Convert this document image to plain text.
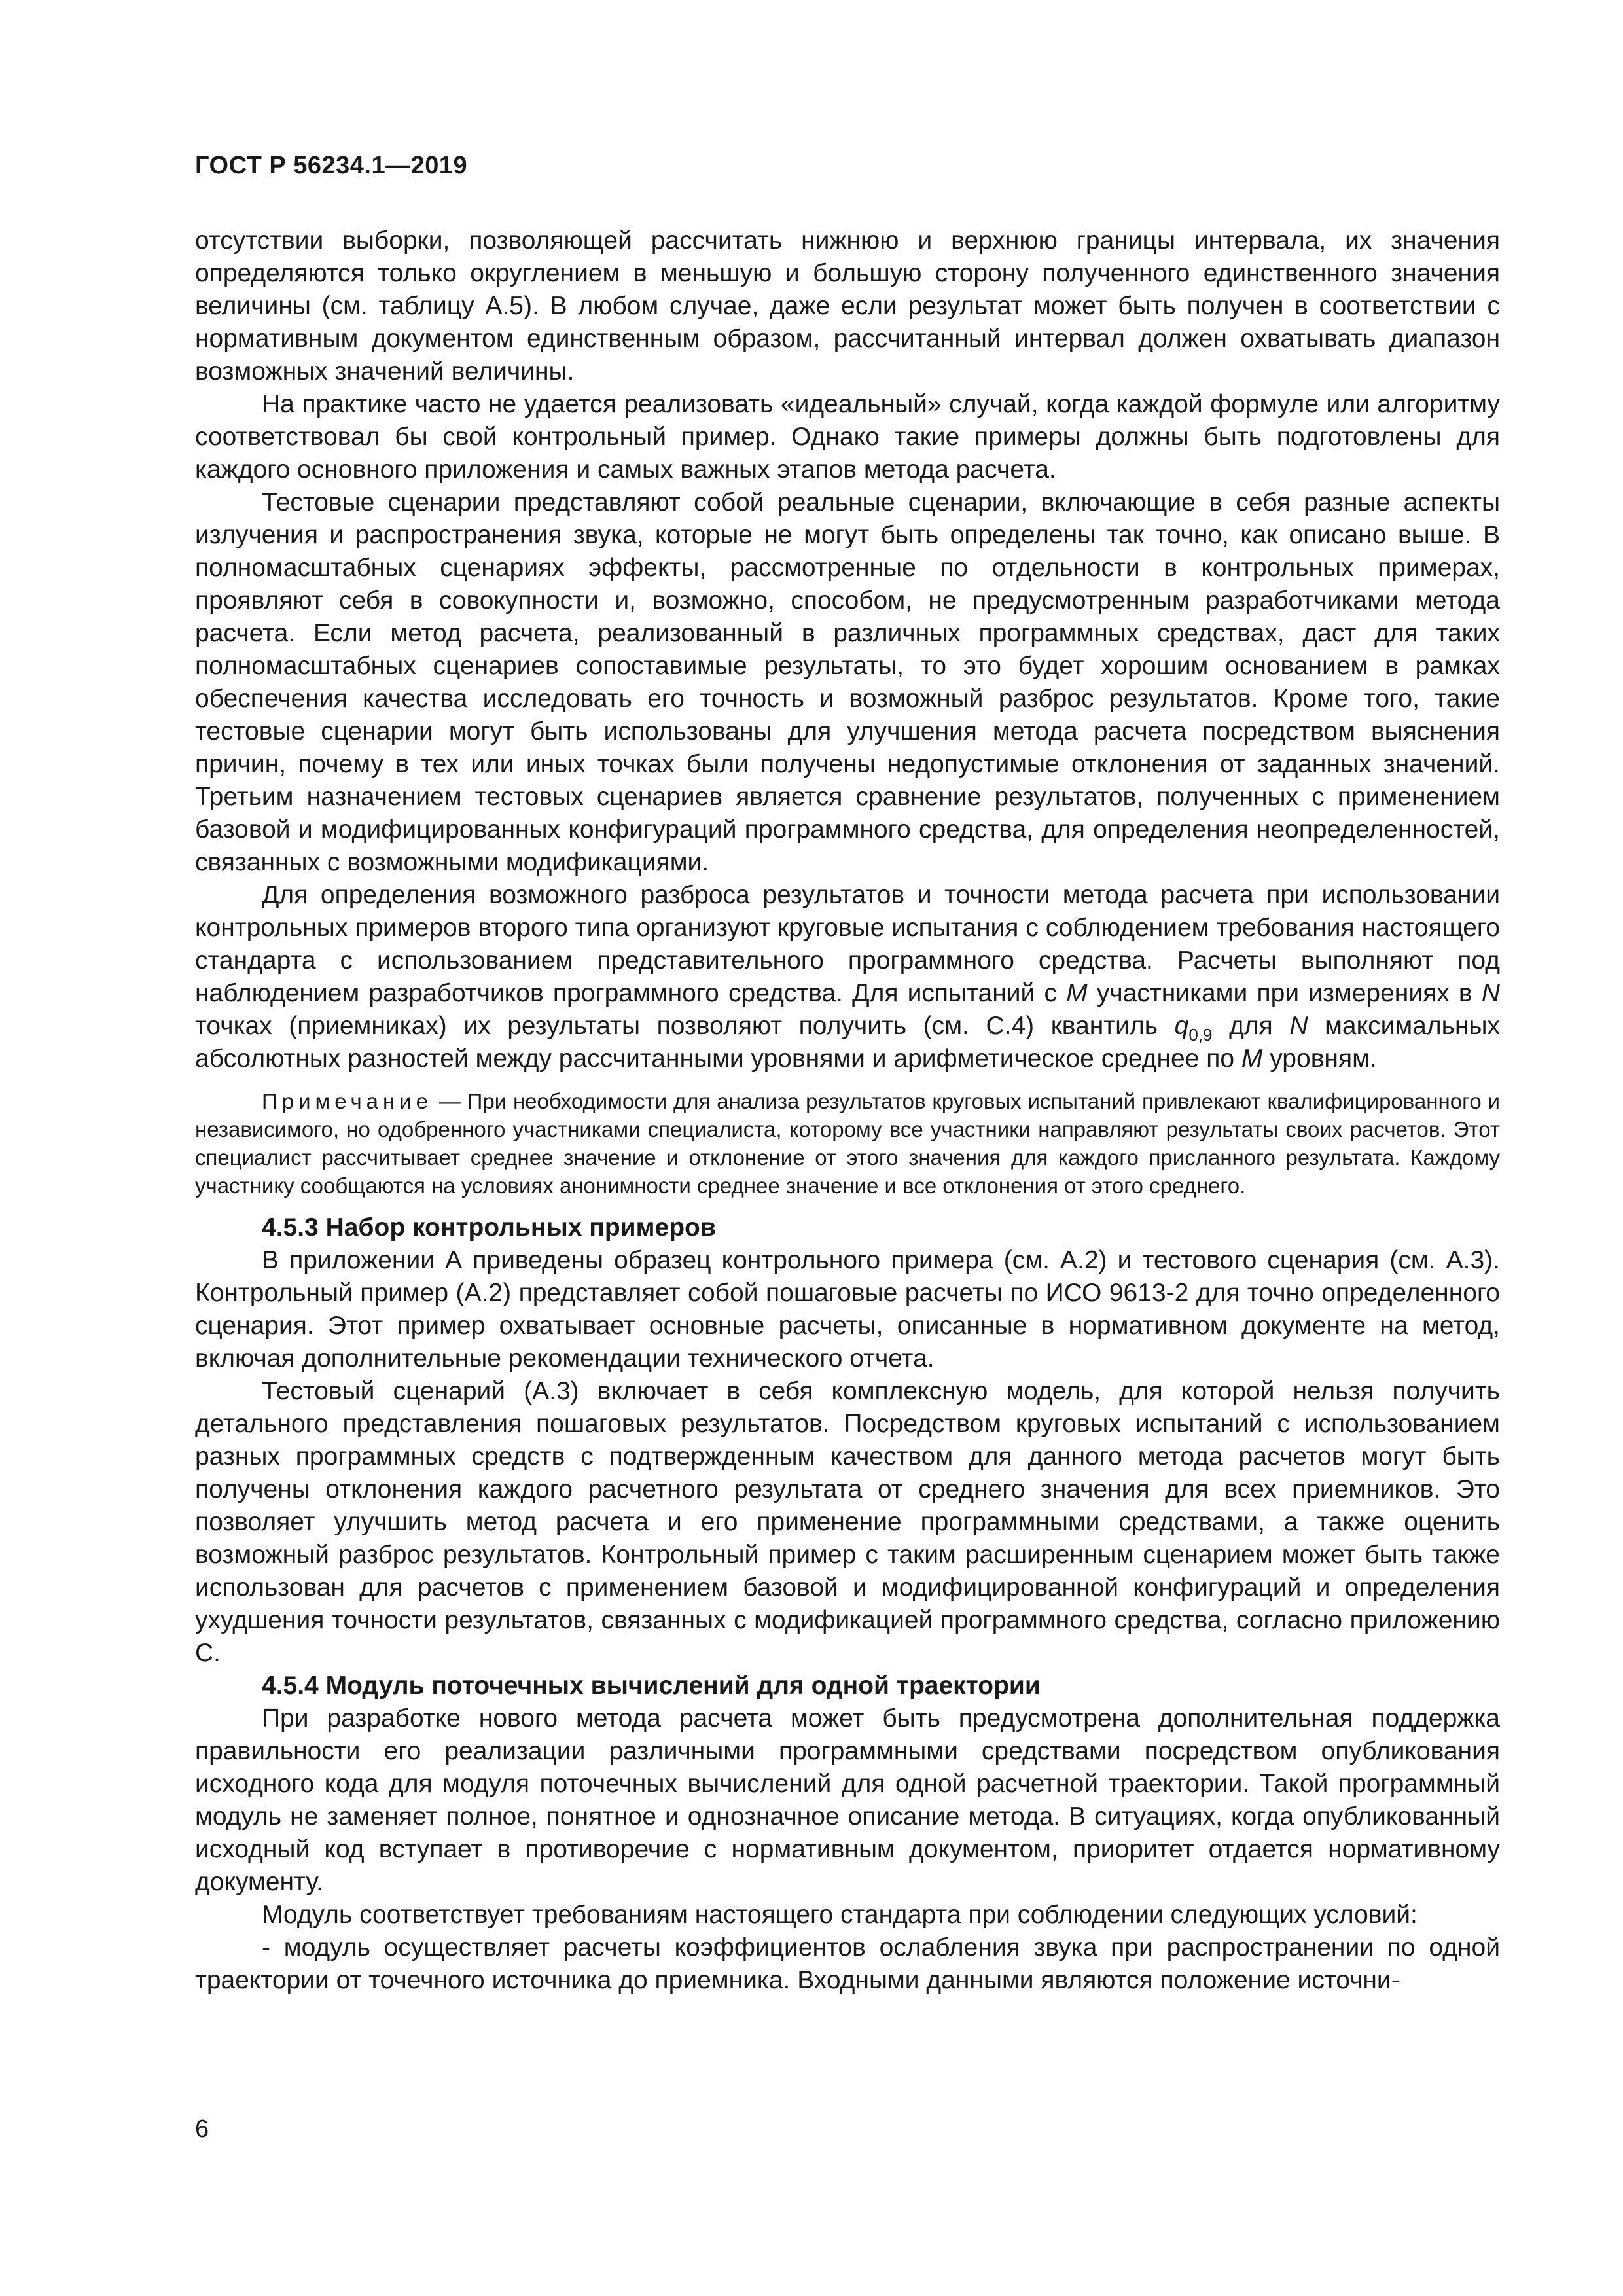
ГОСТ Р 56234.1—2019

отсутствии выборки, позволяющей рассчитать нижнюю и верхнюю границы интервала, их значения определяются только округлением в меньшую и большую сторону полученного единственного значения величины (см. таблицу А.5). В любом случае, даже если результат может быть получен в соответствии с нормативным документом единственным образом, рассчитанный интервал должен охватывать диапазон возможных значений величины.

На практике часто не удается реализовать «идеальный» случай, когда каждой формуле или алгоритму соответствовал бы свой контрольный пример. Однако такие примеры должны быть подготовлены для каждого основного приложения и самых важных этапов метода расчета.

Тестовые сценарии представляют собой реальные сценарии, включающие в себя разные аспекты излучения и распространения звука, которые не могут быть определены так точно, как описано выше. В полномасштабных сценариях эффекты, рассмотренные по отдельности в контрольных примерах, проявляют себя в совокупности и, возможно, способом, не предусмотренным разработчиками метода расчета. Если метод расчета, реализованный в различных программных средствах, даст для таких полномасштабных сценариев сопоставимые результаты, то это будет хорошим основанием в рамках обеспечения качества исследовать его точность и возможный разброс результатов. Кроме того, такие тестовые сценарии могут быть использованы для улучшения метода расчета посредством выяснения причин, почему в тех или иных точках были получены недопустимые отклонения от заданных значений. Третьим назначением тестовых сценариев является сравнение результатов, полученных с применением базовой и модифицированных конфигураций программного средства, для определения неопределенностей, связанных с возможными модификациями.

Для определения возможного разброса результатов и точности метода расчета при использовании контрольных примеров второго типа организуют круговые испытания с соблюдением требования настоящего стандарта с использованием представительного программного средства. Расчеты выполняют под наблюдением разработчиков программного средства. Для испытаний с M участниками при измерениях в N точках (приемниках) их результаты позволяют получить (см. С.4) квантиль $q_{0,9}$ для N максимальных абсолютных разностей между рассчитанными уровнями и арифметическое среднее по M уровням.

Примечание — При необходимости для анализа результатов круговых испытаний привлекают квалифицированного и независимого, но одобренного участниками специалиста, которому все участники направляют результаты своих расчетов. Этот специалист рассчитывает среднее значение и отклонение от этого значения для каждого присланного результата. Каждому участнику сообщаются на условиях анонимности среднее значение и все отклонения от этого среднего.

4.5.3 Набор контрольных примеров

В приложении А приведены образец контрольного примера (см. А.2) и тестового сценария (см. А.3). Контрольный пример (А.2) представляет собой пошаговые расчеты по ИСО 9613-2 для точно определенного сценария. Этот пример охватывает основные расчеты, описанные в нормативном документе на метод, включая дополнительные рекомендации технического отчета.

Тестовый сценарий (А.3) включает в себя комплексную модель, для которой нельзя получить детального представления пошаговых результатов. Посредством круговых испытаний с использованием разных программных средств с подтвержденным качеством для данного метода расчетов могут быть получены отклонения каждого расчетного результата от среднего значения для всех приемников. Это позволяет улучшить метод расчета и его применение программными средствами, а также оценить возможный разброс результатов. Контрольный пример с таким расширенным сценарием может быть также использован для расчетов с применением базовой и модифицированной конфигураций и определения ухудшения точности результатов, связанных с модификацией программного средства, согласно приложению С.

4.5.4 Модуль поточечных вычислений для одной траектории

При разработке нового метода расчета может быть предусмотрена дополнительная поддержка правильности его реализации различными программными средствами посредством опубликования исходного кода для модуля поточечных вычислений для одной расчетной траектории. Такой программный модуль не заменяет полное, понятное и однозначное описание метода. В ситуациях, когда опубликованный исходный код вступает в противоречие с нормативным документом, приоритет отдается нормативному документу.

Модуль соответствует требованиям настоящего стандарта при соблюдении следующих условий:

- модуль осуществляет расчеты коэффициентов ослабления звука при распространении по одной траектории от точечного источника до приемника. Входными данными являются положение источни-

6
